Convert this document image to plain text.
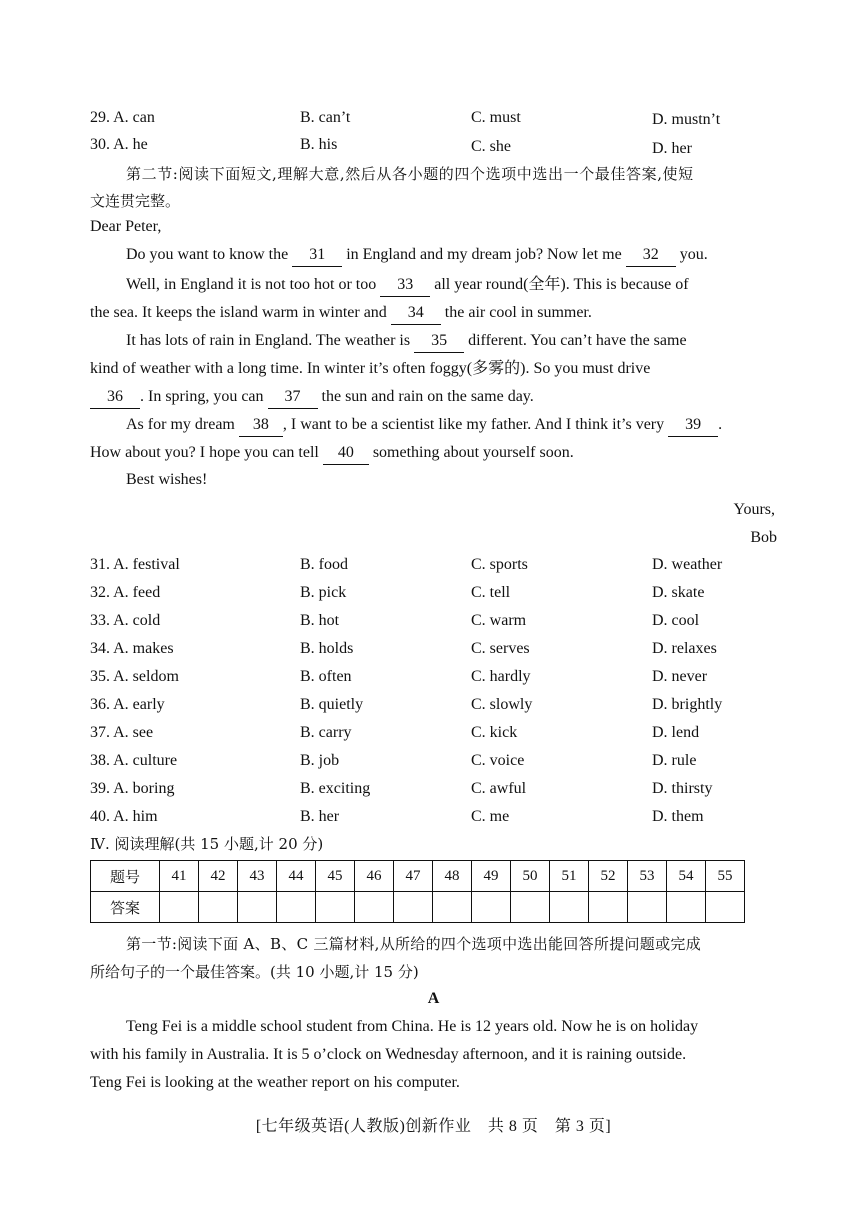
29. A. can	B. can’t	C. must	D. mustn’t
30. A. he	B. his	C. she	D. her
第二节:阅读下面短文,理解大意,然后从各小题的四个选项中选出一个最佳答案,使短
文连贯完整。
Dear Peter,
Do you want to know the 31 in England and my dream job? Now let me 32 you.
Well, in England it is not too hot or too 33 all year round(全年). This is because of
the sea. It keeps the island warm in winter and 34 the air cool in summer.
It has lots of rain in England. The weather is 35 different. You can’t have the same
kind of weather with a long time. In winter it’s often foggy(多雾的). So you must drive
36 . In spring, you can 37 the sun and rain on the same day.
As for my dream 38 , I want to be a scientist like my father. And I think it’s very 39 .
How about you? I hope you can tell 40 something about yourself soon.
Best wishes!
Yours,
Bob
31. A. festival	B. food	C. sports	D. weather
32. A. feed	B. pick	C. tell	D. skate
33. A. cold	B. hot	C. warm	D. cool
34. A. makes	B. holds	C. serves	D. relaxes
35. A. seldom	B. often	C. hardly	D. never
36. A. early	B. quietly	C. slowly	D. brightly
37. A. see	B. carry	C. kick	D. lend
38. A. culture	B. job	C. voice	D. rule
39. A. boring	B. exciting	C. awful	D. thirsty
40. A. him	B. her	C. me	D. them
Ⅳ. 阅读理解(共 15 小题,计 20 分)
题号	41	42	43	44	45	46	47	48	49	50	51	52	53	54	55
答案															
第一节:阅读下面 A、B、C 三篇材料,从所给的四个选项中选出能回答所提问题或完成
所给句子的一个最佳答案。(共 10 小题,计 15 分)
A
Teng Fei is a middle school student from China. He is 12 years old. Now he is on holiday
with his family in Australia. It is 5 o’clock on Wednesday afternoon, and it is raining outside.
Teng Fei is looking at the weather report on his computer.
[七年级英语(人教版)创新作业　共 8 页　第 3 页]
